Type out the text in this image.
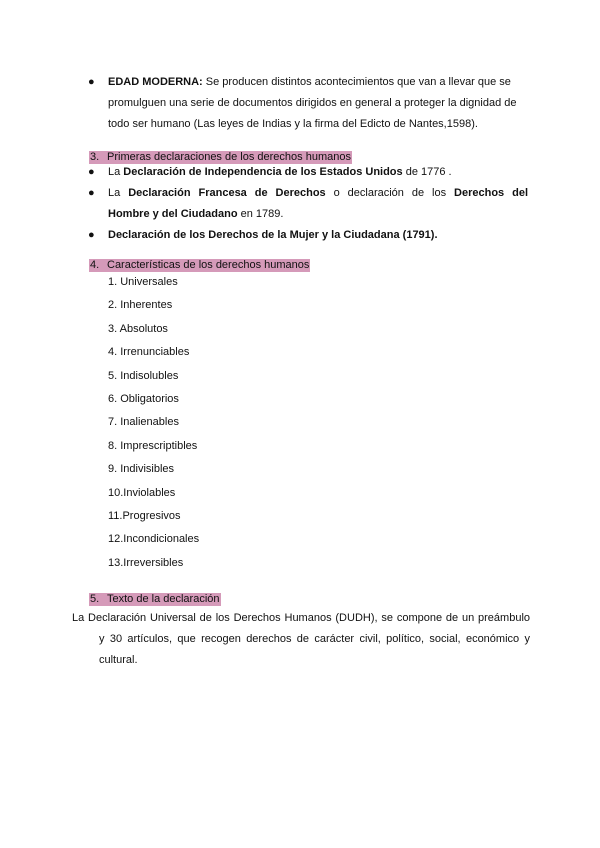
● EDAD MODERNA: Se producen distintos acontecimientos que van a llevar que se
promulguen una serie de documentos dirigidos en general a proteger la dignidad de
todo ser humano (Las leyes de Indias y la firma del Edicto de Nantes,1598).
3. Primeras declaraciones de los derechos humanos
● La Declaración de Independencia de los Estados Unidos de 1776 .
● La Declaración Francesa de Derechos o declaración de los Derechos del
Hombre y del Ciudadano en 1789.
● Declaración de los Derechos de la Mujer y la Ciudadana (1791).
4. Características de los derechos humanos
1. Universales
2. Inherentes
3. Absolutos
4. Irrenunciables
5. Indisolubles
6. Obligatorios
7. Inalienables
8. Imprescriptibles
9. Indivisibles
10.Inviolables
11.Progresivos
12.Incondicionales
13.Irreversibles
5. Texto de la declaración
La Declaración Universal de los Derechos Humanos (DUDH), se compone de un preámbulo
y 30 artículos, que recogen derechos de carácter civil, político, social, económico y
cultural.
